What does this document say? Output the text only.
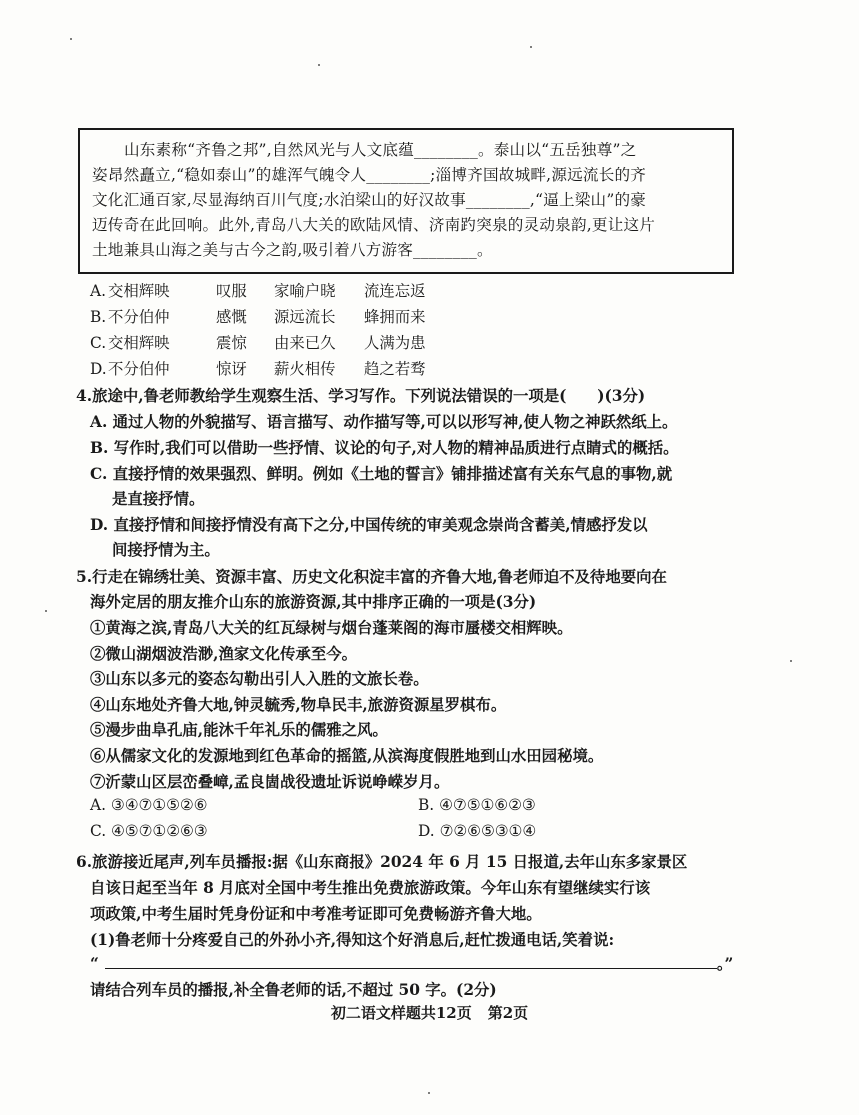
山东素称“齐鲁之邦”,自然风光与人文底蕴________。泰山以“五岳独尊”之
姿昂然矗立,“稳如泰山”的雄浑气魄令人________;淄博齐国故城畔,源远流长的齐
文化汇通百家,尽显海纳百川气度;水泊梁山的好汉故事________,“逼上梁山”的豪
迈传奇在此回响。此外,青岛八大关的欧陆风情、济南趵突泉的灵动泉韵,更让这片
土地兼具山海之美与古今之韵,吸引着八方游客________。
A. 交相辉映	叹服 家喻户晓 流连忘返
B. 不分伯仲	感慨 源远流长 蜂拥而来
C. 交相辉映	震惊 由来已久 人满为患
D.不分伯仲	惊讶 薪火相传 趋之若骛
4.旅途中,鲁老师教给学生观察生活、学习写作。下列说法错误的一项是(　　)(3分)
A. 通过人物的外貌描写、语言描写、动作描写等,可以以形写神,使人物之神跃然纸上。
B. 写作时,我们可以借助一些抒情、议论的句子,对人物的精神品质进行点睛式的概括。
C. 直接抒情的效果强烈、鲜明。例如《土地的誓言》铺排描述富有关东气息的事物,就
是直接抒情。
D. 直接抒情和间接抒情没有高下之分,中国传统的审美观念崇尚含蓄美,情感抒发以
间接抒情为主。
5.行走在锦绣壮美、资源丰富、历史文化积淀丰富的齐鲁大地,鲁老师迫不及待地要向在
海外定居的朋友推介山东的旅游资源,其中排序正确的一项是(3分)
①黄海之滨,青岛八大关的红瓦绿树与烟台蓬莱阁的海市蜃楼交相辉映。
②微山湖烟波浩渺,渔家文化传承至今。
③山东以多元的姿态勾勒出引人入胜的文旅长卷。
④山东地处齐鲁大地,钟灵毓秀,物阜民丰,旅游资源星罗棋布。
⑤漫步曲阜孔庙,能沐千年礼乐的儒雅之风。
⑥从儒家文化的发源地到红色革命的摇篮,从滨海度假胜地到山水田园秘境。
⑦沂蒙山区层峦叠嶂,孟良崮战役遗址诉说峥嵘岁月。
A. ③④⑦①⑤②⑥	B. ④⑦⑤①⑥②③
C. ④⑤⑦①②⑥③	D. ⑦②⑥⑤③①④
6.旅游接近尾声,列车员播报:据《山东商报》2024 年 6 月 15 日报道,去年山东多家景区
自该日起至当年 8 月底对全国中考生推出免费旅游政策。今年山东有望继续实行该
项政策,中考生届时凭身份证和中考准考证即可免费畅游齐鲁大地。
(1)鲁老师十分疼爱自己的外孙小齐,得知这个好消息后,赶忙拨通电话,笑着说:
“	。”
请结合列车员的播报,补全鲁老师的话,不超过 50 字。(2分)
初二语文样题共12页 第2页
